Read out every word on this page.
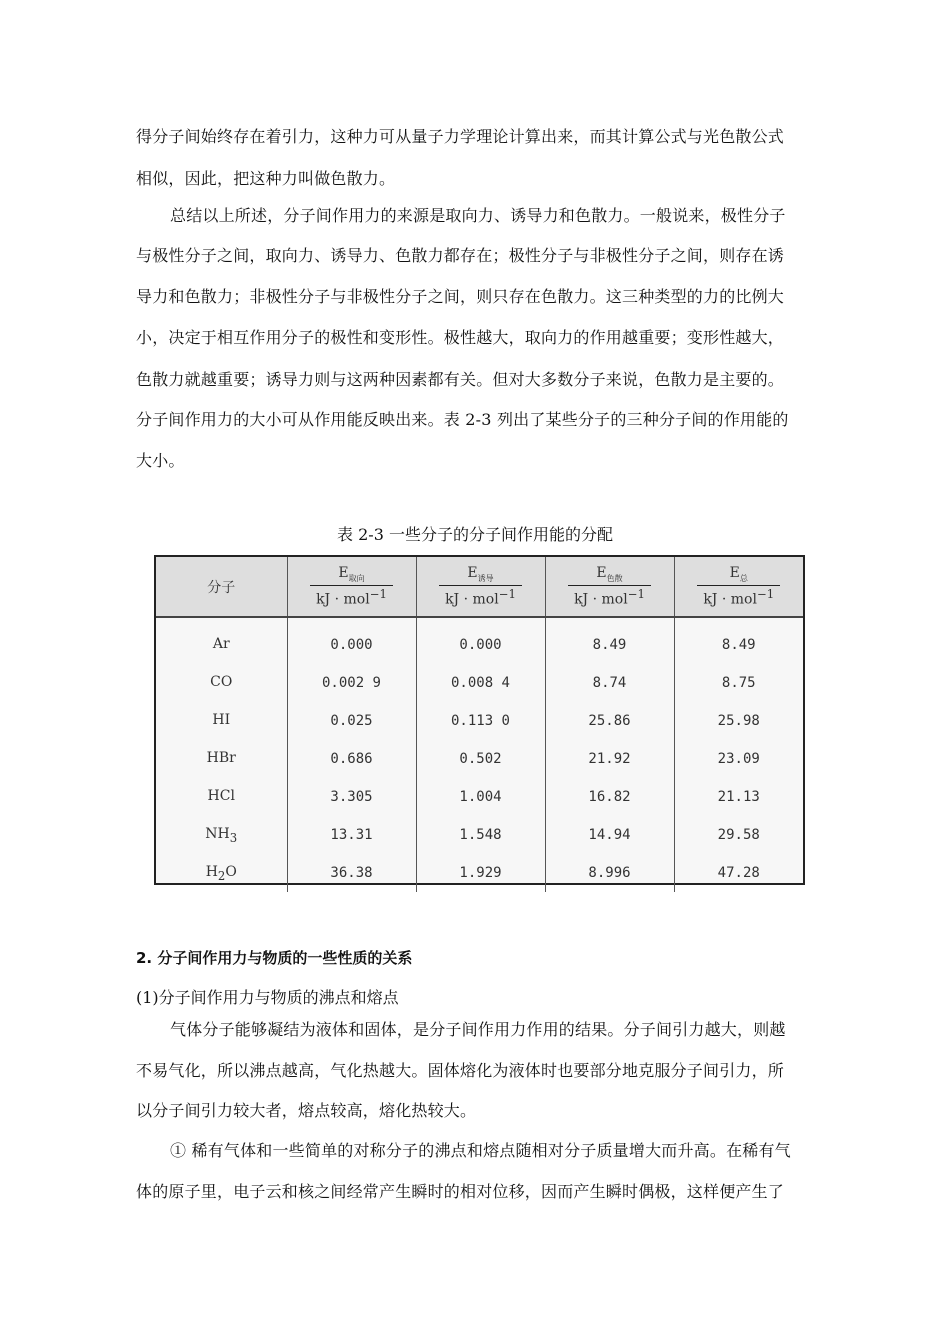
得分子间始终存在着引力，这种力可从量子力学理论计算出来，而其计算公式与光色散公式
相似，因此，把这种力叫做色散力。
总结以上所述，分子间作用力的来源是取向力、诱导力和色散力。一般说来，极性分子
与极性分子之间，取向力、诱导力、色散力都存在；极性分子与非极性分子之间，则存在诱
导力和色散力；非极性分子与非极性分子之间，则只存在色散力。这三种类型的力的比例大
小，决定于相互作用分子的极性和变形性。极性越大，取向力的作用越重要；变形性越大，
色散力就越重要；诱导力则与这两种因素都有关。但对大多数分子来说，色散力是主要的。
分子间作用力的大小可从作用能反映出来。表 2-3 列出了某些分子的三种分子间的作用能的
大小。
表 2-3 一些分子的分子间作用能的分配
分子	$\frac{E_{取向}}{kJ \cdot mol^{-1}}$	$\frac{E_{诱导}}{kJ \cdot mol^{-1}}$	$\frac{E_{色散}}{kJ \cdot mol^{-1}}$	$\frac{E_总}{kJ \cdot mol^{-1}}$

Ar	0.000	0.000	8.49	8.49
CO	0.002 9	0.008 4	8.74	8.75
HI	0.025	0.113 0	25.86	25.98
HBr	0.686	0.502	21.92	23.09
HCl	3.305	1.004	16.82	21.13
$NH_3$	13.31	1.548	14.94	29.58
$H_2O$	36.38	1.929	8.996	47.28
2. 分子间作用力与物质的一些性质的关系
(1)分子间作用力与物质的沸点和熔点
气体分子能够凝结为液体和固体，是分子间作用力作用的结果。分子间引力越大，则越
不易气化，所以沸点越高，气化热越大。固体熔化为液体时也要部分地克服分子间引力，所
以分子间引力较大者，熔点较高，熔化热较大。
① 稀有气体和一些简单的对称分子的沸点和熔点随相对分子质量增大而升高。在稀有气
体的原子里，电子云和核之间经常产生瞬时的相对位移，因而产生瞬时偶极，这样便产生了
